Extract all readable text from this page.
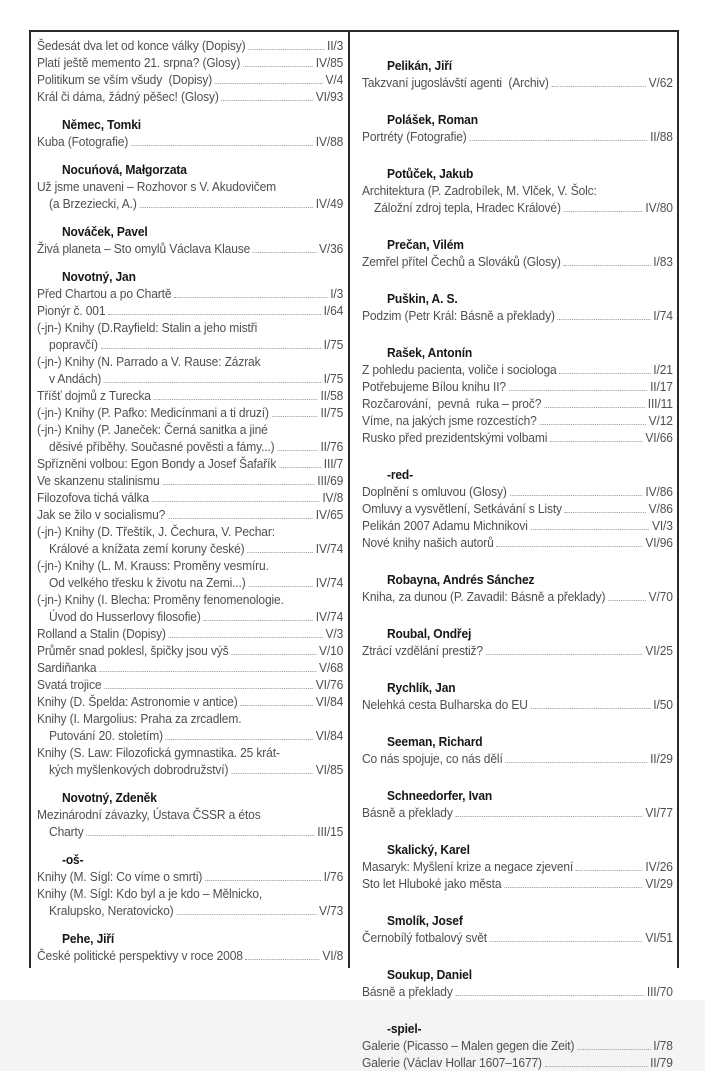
Šedesát dva let od konce války (Dopisy)	II/3
Platí ještě memento 21. srpna? (Glosy)	IV/85
Politikum se vším všudy  (Dopisy)	V/4
Král či dáma, žádný pěšec! (Glosy)	VI/93
Němec, Tomki
Kuba (Fotografie)	IV/88
Nocuńová, Małgorzata
Už jsme unaveni – Rozhovor s V. Akudovičem
(a Brzeziecki, A.)	IV/49
Nováček, Pavel
Živá planeta – Sto omylů Václava Klause	V/36
Novotný, Jan
Před Chartou a po Chartě	I/3
Pionýr č. 001	I/64
(-jn-) Knihy (D.Rayfield: Stalin a jeho mistři
popravčí)	I/75
(-jn-) Knihy (N. Parrado a V. Rause: Zázrak
v Andách)	I/75
Tříšť dojmů z Turecka	II/58
(-jn-) Knihy (P. Pafko: Medicínmani a ti druzí)	II/75
(-jn-) Knihy (P. Janeček: Černá sanitka a jiné
děsivé příběhy. Současné pověsti a fámy...)	II/76
Spřízněni volbou: Egon Bondy a Josef Šafařík	III/7
Ve skanzenu stalinismu	III/69
Filozofova tichá válka	IV/8
Jak se žilo v socialismu?	IV/65
(-jn-) Knihy (D. Třeštík, J. Čechura, V. Pechar:
Králové a knížata zemí koruny české)	IV/74
(-jn-) Knihy (L. M. Krauss: Proměny vesmíru.
Od velkého třesku k životu na Zemi...)	IV/74
(-jn-) Knihy (I. Blecha: Proměny fenomenologie.
Úvod do Husserlovy filosofie)	IV/74
Rolland a Stalin (Dopisy)	V/3
Průměr snad poklesl, špičky jsou výš	V/10
Sardiňanka	V/68
Svatá trojice	VI/76
Knihy (D. Špelda: Astronomie v antice)	VI/84
Knihy (I. Margolius: Praha za zrcadlem.
Putování 20. stoletím)	VI/84
Knihy (S. Law: Filozofická gymnastika. 25 krát-
kých myšlenkových dobrodružství)	VI/85
Novotný, Zdeněk
Mezinárodní závazky, Ústava ČSSR a étos
Charty	III/15
-oš-
Knihy (M. Sígl: Co víme o smrti)	I/76
Knihy (M. Sígl: Kdo byl a je kdo – Mělnicko,
Kralupsko, Neratovicko)	V/73
Pehe, Jiří
České politické perspektivy v roce 2008	VI/8
Pelikán, Jiří
Takzvaní jugoslávští agenti  (Archiv)	V/62
Polášek, Roman
Portréty (Fotografie)	II/88
Potůček, Jakub
Architektura (P. Zadrobílek, M. Vlček, V. Šolc:
Záložní zdroj tepla, Hradec Králové)	IV/80
Prečan, Vilém
Zemřel přítel Čechů a Slováků (Glosy)	I/83
Puškin, A. S.
Podzim (Petr Král: Básně a překlady)	I/74
Rašek, Antonín
Z pohledu pacienta, voliče i sociologa	I/21
Potřebujeme Bílou knihu II?	II/17
Rozčarování,  pevná  ruka – proč?	III/11
Víme, na jakých jsme rozcestích?	V/12
Rusko před prezidentskými volbami	VI/66
-red-
Doplnění s omluvou (Glosy)	IV/86
Omluvy a vysvětlení, Setkávání s Listy	V/86
Pelikán 2007 Adamu Michnikovi	VI/3
Nové knihy našich autorů	VI/96
Robayna, Andrés Sánchez
Kniha, za dunou (P. Zavadil: Básně a překlady)	V/70
Roubal, Ondřej
Ztrácí vzdělání prestiž?	VI/25
Rychlík, Jan
Nelehká cesta Bulharska do EU	I/50
Seeman, Richard
Co nás spojuje, co nás dělí	II/29
Schneedorfer, Ivan
Básně a překlady	VI/77
Skalický, Karel
Masaryk: Myšlení krize a negace zjevení	IV/26
Sto let Hluboké jako města	VI/29
Smolík, Josef
Černobílý fotbalový svět	VI/51
Soukup, Daniel
Básně a překlady	III/70
-spiel-
Galerie (Picasso – Malen gegen die Zeit)	I/78
Galerie (Václav Hollar 1607–1677)	II/79
